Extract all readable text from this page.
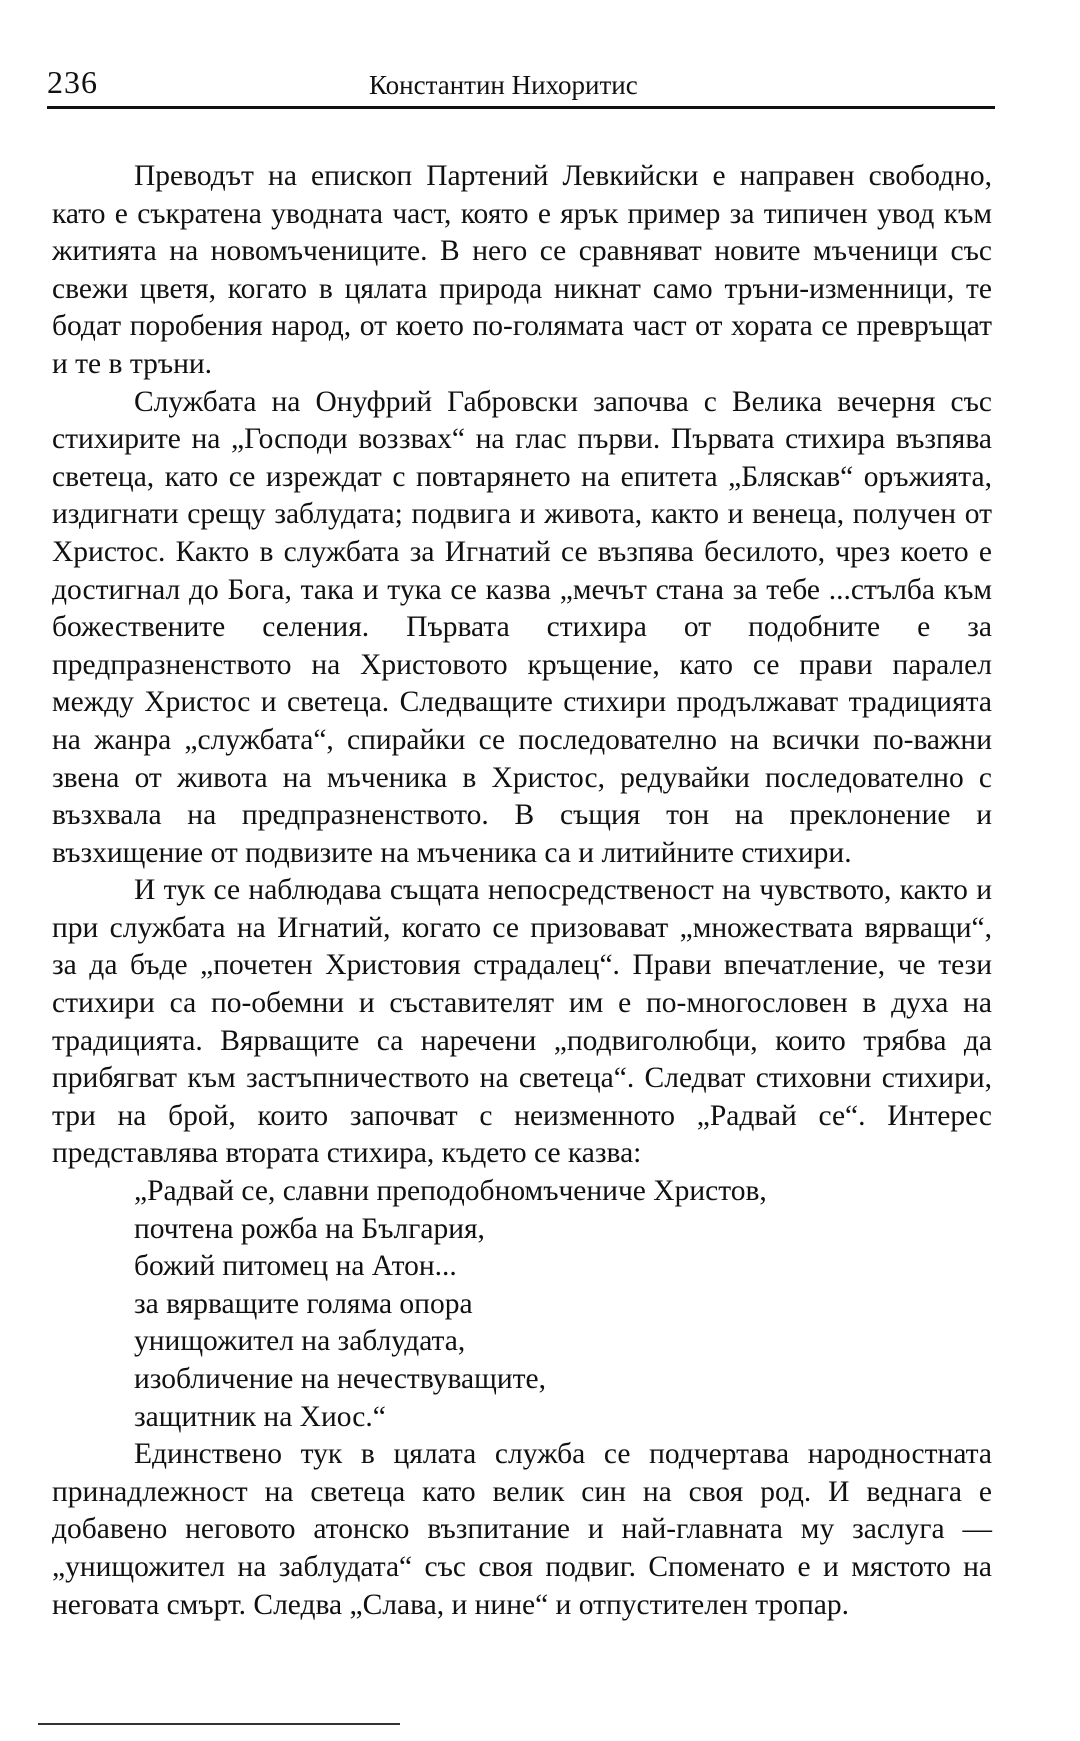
236	Константин Нихоритис

Преводът на епископ Партений Левкийски е направен свободно, като е съкратена уводната част, която е ярък пример за типичен увод към житията на новомъчениците. В него се сравняват новите мъченици със свежи цветя, когато в цялата природа никнат само тръни-изменници, те бодат поробения народ, от което по-голямата част от хората се превръщат и те в тръни.

Службата на Онуфрий Габровски започва с Велика вечерня със стихирите на „Господи воззвах“ на глас първи. Първата стихира възпява светеца, като се изреждат с повтарянето на епитета „Бляскав“ оръжията, издигнати срещу заблудата; подвига и живота, както и венеца, получен от Христос. Както в службата за Игнатий се възпява бесилото, чрез което е достигнал до Бога, така и тука се казва „мечът стана за тебе ...стълба към божествените селения. Първата стихира от подобните е за предпразненството на Христовото кръщение, като се прави паралел между Христос и светеца. Следващите стихири продължават традицията на жанра „службата“, спирайки се последователно на всички по-важни звена от живота на мъченика в Христос, редувайки последователно с възхвала на предпразненството. В същия тон на преклонение и възхищение от подвизите на мъченика са и литийните стихири.

И тук се наблюдава същата непосредственост на чувството, както и при службата на Игнатий, когато се призовават „множествата вярващи“, за да бъде „почетен Христовия страдалец“. Прави впечатление, че тези стихири са по-обемни и съставителят им е по-многословен в духа на традицията. Вярващите са наречени „подвиголюбци, които трябва да прибягват към застъпничеството на светеца“. Следват стиховни стихири, три на брой, които започват с неизменното „Радвай се“. Интерес представлява втората стихира, където се казва:

„Радвай се, славни преподобномъчениче Христов,
почтена рожба на България,
божий питомец на Атон...
за вярващите голяма опора
унищожител на заблудата,
изобличение на нечествуващите,
защитник на Хиос.“

Единствено тук в цялата служба се подчертава народностната принадлежност на светеца като велик син на своя род. И веднага е добавено неговото атонско възпитание и най-главната му заслуга — „унищожител на заблудата“ със своя подвиг. Споменато е и мястото на неговата смърт. Следва „Слава, и нине“ и отпустителен тропар.
